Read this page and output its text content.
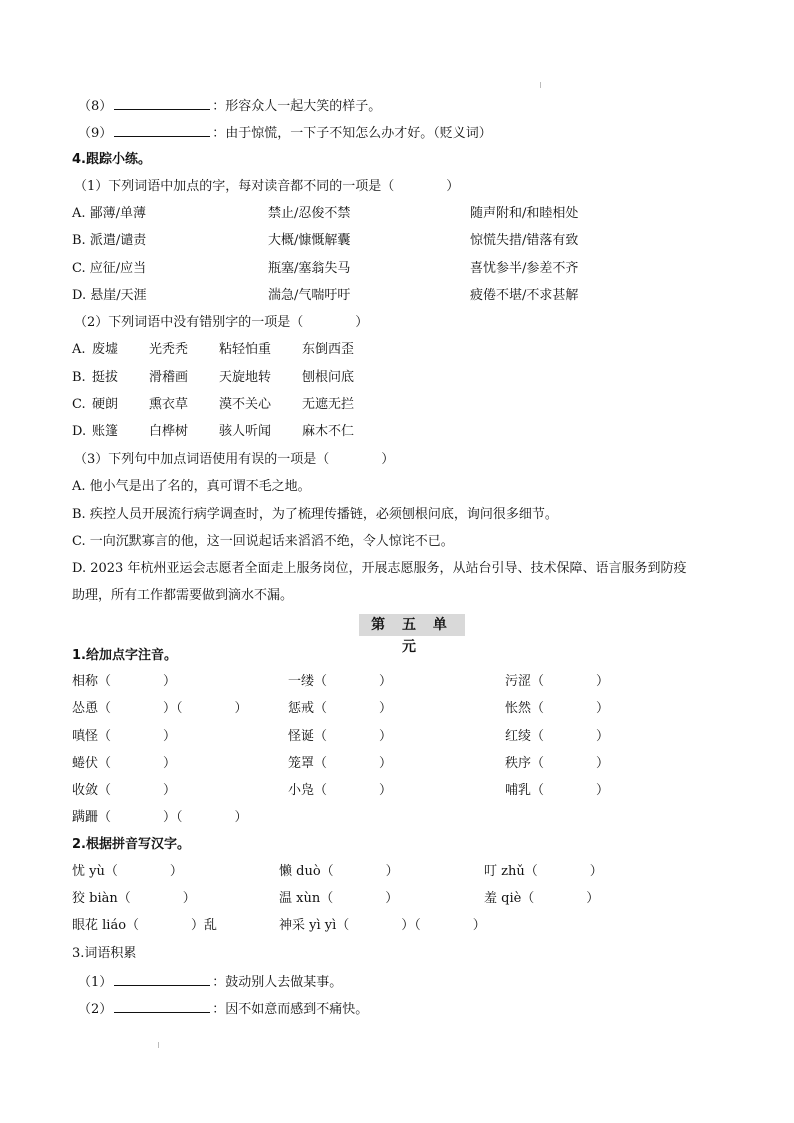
（8）	：形容众人一起大笑的样子。
（9）	：由于惊慌，一下子不知怎么办才好。（贬义词）
4.跟踪小练。
（1）下列词语中加点的字，每对读音都不同的一项是（　　　　）
A. 鄙薄/单薄	禁止/忍俊不禁	随声附和/和睦相处
B. 派遣/谴责	大概/慷慨解囊	惊慌失措/错落有致
C. 应征/应当	瓶塞/塞翁失马	喜忧参半/参差不齐
D. 悬崖/天涯	湍急/气喘吁吁	疲倦不堪/不求甚解
（2）下列词语中没有错别字的一项是（　　　　）
A. 废墟 光秃秃 粘轻怕重 东倒西歪
B. 挺拔 滑稽画 天旋地转 刨根问底
C. 硬朗 熏衣草 漠不关心 无遮无拦
D. 账篷 白桦树 骇人听闻 麻木不仁
（3）下列句中加点词语使用有误的一项是（　　　　）
A. 他小气是出了名的，真可谓不毛之地。
B. 疾控人员开展流行病学调查时，为了梳理传播链，必须刨根问底，询问很多细节。
C. 一向沉默寡言的他，这一回说起话来滔滔不绝，令人惊诧不已。
D. 2023 年杭州亚运会志愿者全面走上服务岗位，开展志愿服务，从站台引导、技术保障、语言服务到防疫
助理，所有工作都需要做到滴水不漏。
第 五 单 元
1.给加点字注音。
相称（　　　　）	一缕（　　　　）	污涩（　　　　）
怂恿（　　　　）（　　　　）	惩戒（　　　　）	怅然（　　　　）
嗔怪（　　　　）	怪诞（　　　　）	红绫（　　　　）
蜷伏（　　　　）	笼罩（　　　　）	秩序（　　　　）
收敛（　　　　）	小凫（　　　　）	哺乳（　　　　）
蹒跚（　　　　）（　　　　）
2.根据拼音写汉字。
忧 yù（　　　　）	懒 duò（　　　　）	叮 zhǔ（　　　　）
狡 biàn（　　　　）	温 xùn（　　　　）	羞 qiè（　　　　）
眼花 liáo（　　　　）乱	神采 yì yì（　　　　）（　　　　）
3.词语积累
（1）	：鼓动别人去做某事。
（2）	：因不如意而感到不痛快。
